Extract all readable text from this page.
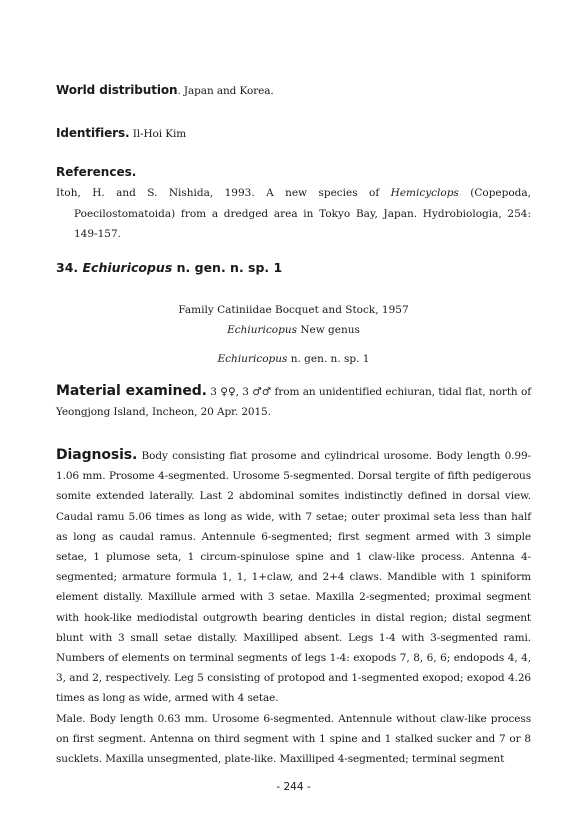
World distribution. Japan and Korea.
Identifiers. Il-Hoi Kim
References.
Itoh, H. and S. Nishida, 1993. A new species of Hemicyclops (Copepoda, Poecilostomatoida) from a dredged area in Tokyo Bay, Japan. Hydrobiologia, 254: 149-157.
34. Echiuricopus n. gen. n. sp. 1
Family Catiniidae Bocquet and Stock, 1957
Echiuricopus New genus
Echiuricopus n. gen. n. sp. 1
Material examined. 3 ♀♀, 3 ♂♂ from an unidentified echiuran, tidal flat, north of Yeongjong Island, Incheon, 20 Apr. 2015.
Diagnosis. Body consisting flat prosome and cylindrical urosome. Body length 0.99-1.06 mm. Prosome 4-segmented. Urosome 5-segmented. Dorsal tergite of fifth pedigerous somite extended laterally. Last 2 abdominal somites indistinctly defined in dorsal view. Caudal ramu 5.06 times as long as wide, with 7 setae; outer proximal seta less than half as long as caudal ramus. Antennule 6-segmented; first segment armed with 3 simple setae, 1 plumose seta, 1 circum-spinulose spine and 1 claw-like process. Antenna 4-segmented; armature formula 1, 1, 1+claw, and 2+4 claws. Mandible with 1 spiniform element distally. Maxillule armed with 3 setae. Maxilla 2-segmented; proximal segment with hook-like mediodistal outgrowth bearing denticles in distal region; distal segment blunt with 3 small setae distally. Maxilliped absent. Legs 1-4 with 3-segmented rami. Numbers of elements on terminal segments of legs 1-4: exopods 7, 8, 6, 6; endopods 4, 4, 3, and 2, respectively. Leg 5 consisting of protopod and 1-segmented exopod; exopod 4.26 times as long as wide, armed with 4 setae.
Male. Body length 0.63 mm. Urosome 6-segmented. Antennule without claw-like process on first segment. Antenna on third segment with 1 spine and 1 stalked sucker and 7 or 8 sucklets. Maxilla unsegmented, plate-like. Maxilliped 4-segmented; terminal segment
- 244 -
